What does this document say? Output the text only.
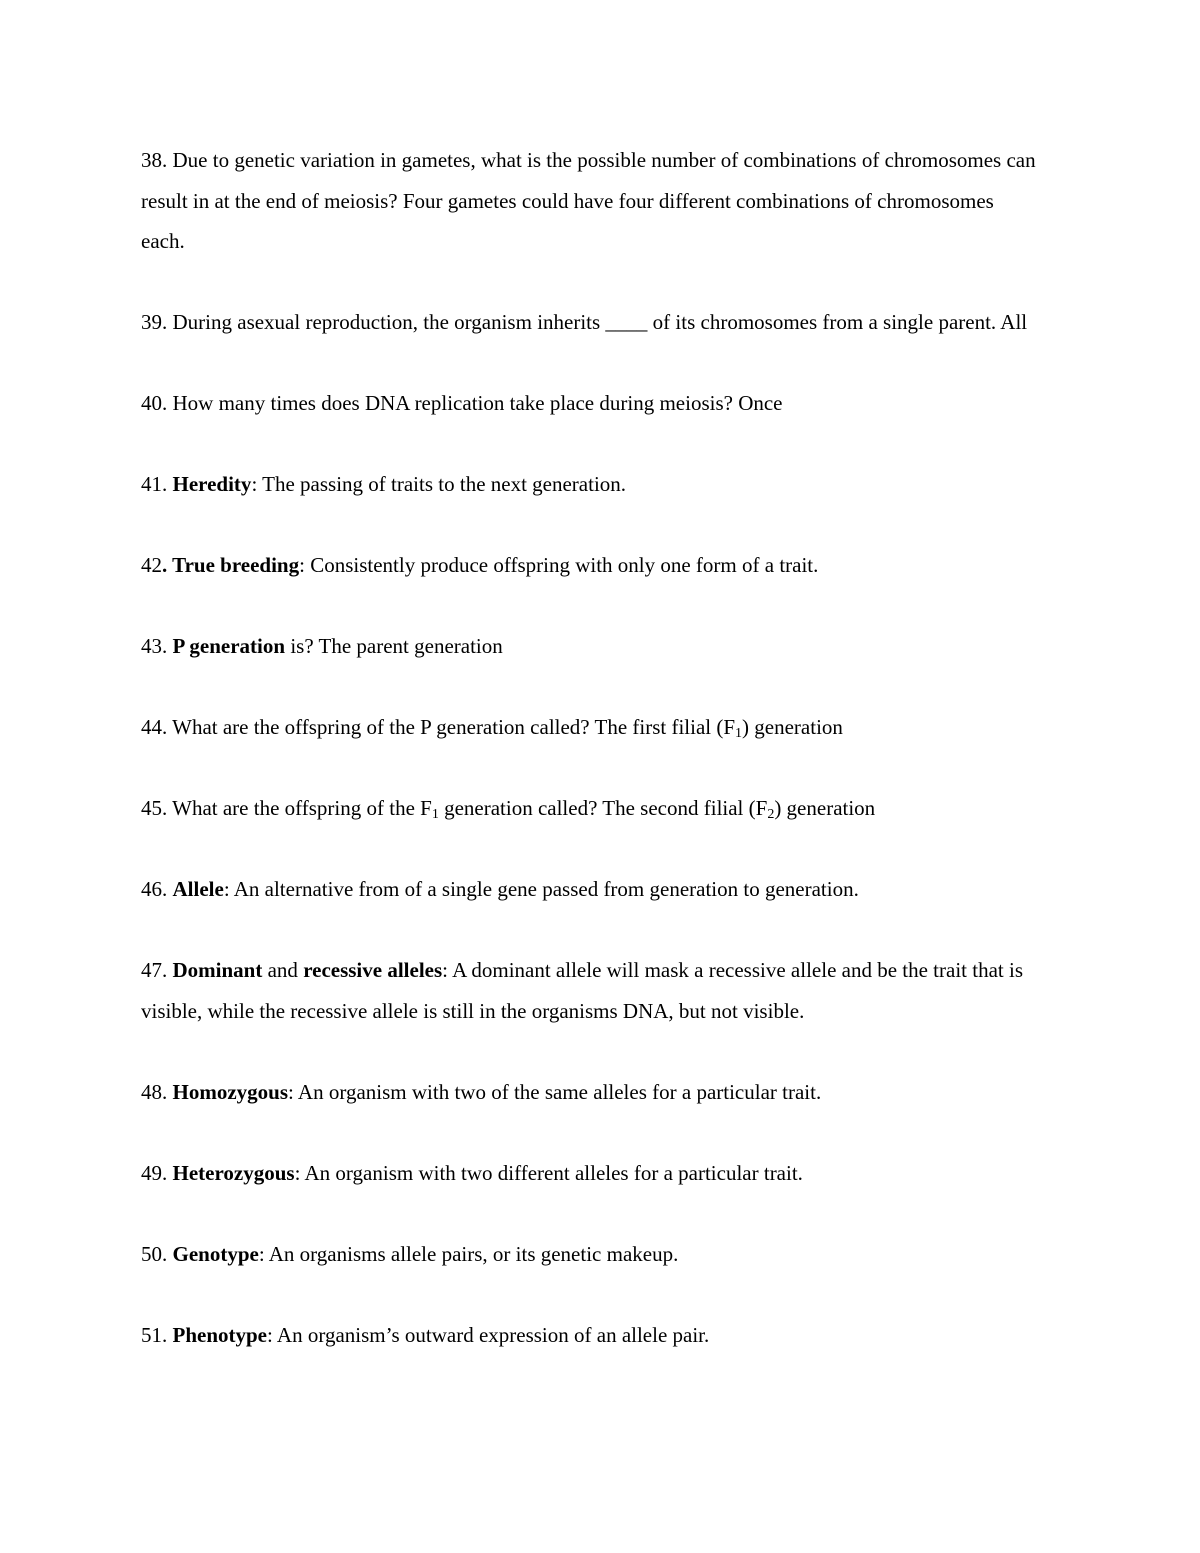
38. Due to genetic variation in gametes, what is the possible number of combinations of chromosomes can result in at the end of meiosis? Four gametes could have four different combinations of chromosomes each.

39. During asexual reproduction, the organism inherits ____ of its chromosomes from a single parent. All

40. How many times does DNA replication take place during meiosis? Once

41. Heredity: The passing of traits to the next generation.

42. True breeding: Consistently produce offspring with only one form of a trait.

43. P generation is? The parent generation

44. What are the offspring of the P generation called? The first filial $(F_1)$ generation

45. What are the offspring of the $F_1$ generation called? The second filial $(F_2)$ generation

46. Allele: An alternative from of a single gene passed from generation to generation.

47. Dominant and recessive alleles: A dominant allele will mask a recessive allele and be the trait that is visible, while the recessive allele is still in the organisms DNA, but not visible.

48. Homozygous: An organism with two of the same alleles for a particular trait.

49. Heterozygous: An organism with two different alleles for a particular trait.

50. Genotype: An organisms allele pairs, or its genetic makeup.

51. Phenotype: An organism’s outward expression of an allele pair.
